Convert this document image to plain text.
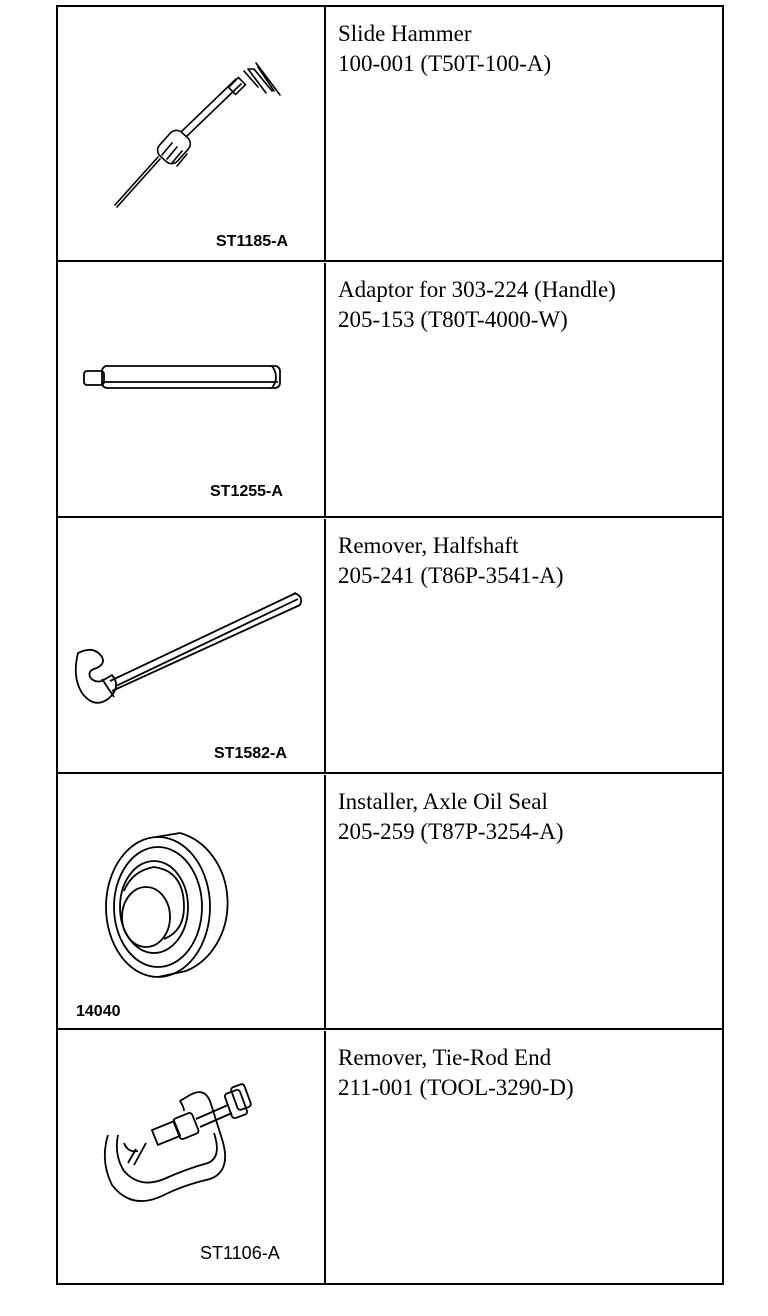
ST1185-A
Slide Hammer
100-001 (T50T-100-A)
ST1255-A
Adaptor for 303-224 (Handle)
205-153 (T80T-4000-W)
ST1582-A
Remover, Halfshaft
205-241 (T86P-3541-A)
14040
Installer, Axle Oil Seal
205-259 (T87P-3254-A)
ST1106-A
Remover, Tie-Rod End
211-001 (TOOL-3290-D)
